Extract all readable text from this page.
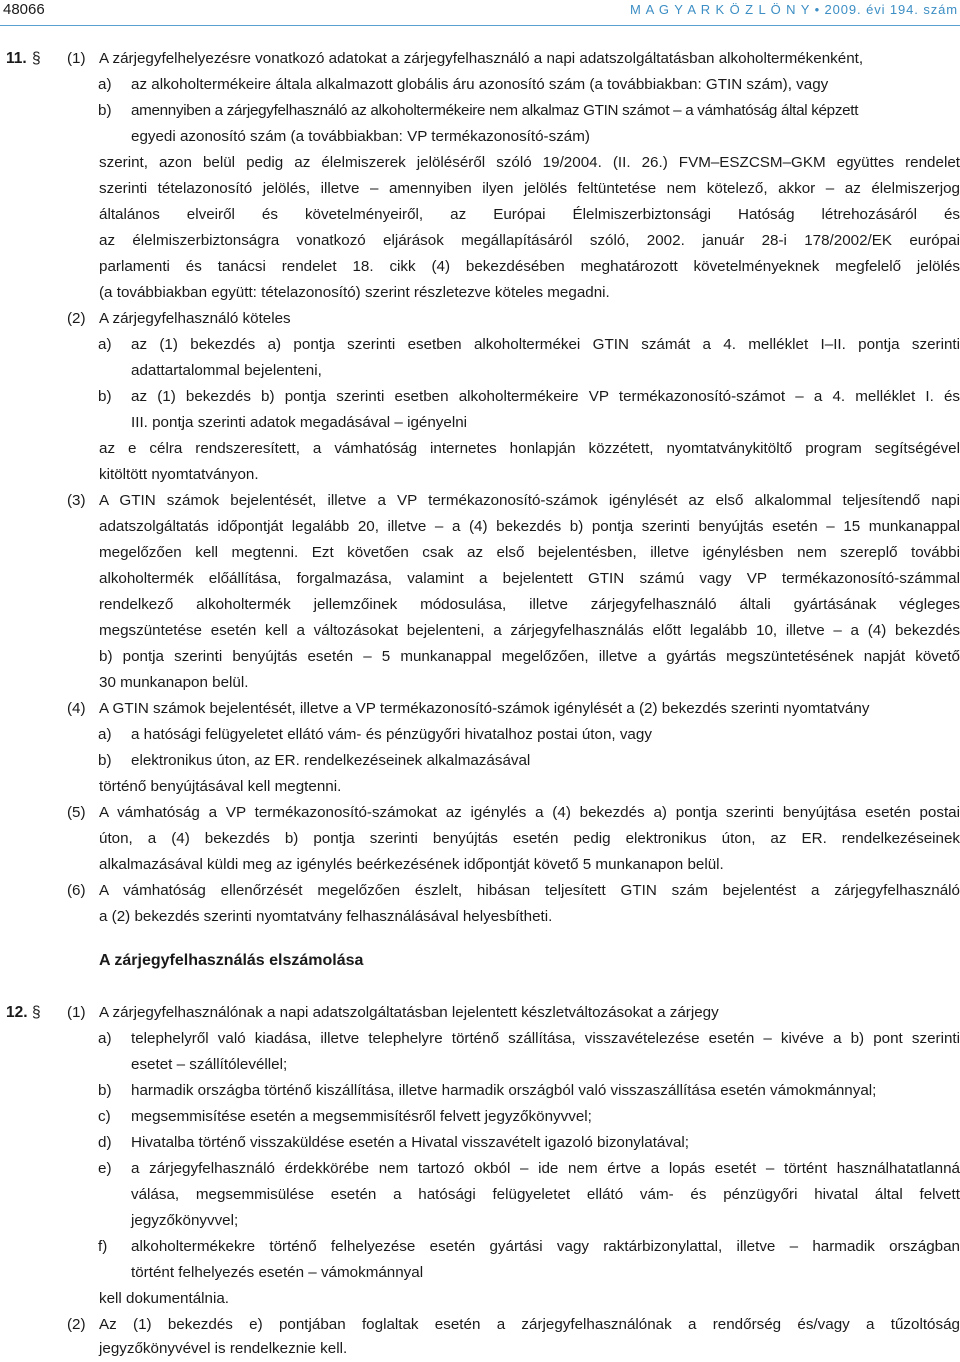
48066	M A G Y A R K Ö Z L Ö N Y • 2009. évi 194. szám
11. § (1) A zárjegyfelhelyezésre vonatkozó adatokat a zárjegyfelhasználó a napi adatszolgáltatásban alkoholtermékenként,
a) az alkoholtermékeire általa alkalmazott globális áru azonosító szám (a továbbiakban: GTIN szám), vagy
b) amennyiben a zárjegyfelhasználó az alkoholtermékeire nem alkalmaz GTIN számot – a vámhatóság által képzett
egyedi azonosító szám (a továbbiakban: VP termékazonosító-szám)
szerint, azon belül pedig az élelmiszerek jelöléséről szóló 19/2004. (II. 26.) FVM–ESZCSM–GKM együttes rendelet
szerinti tételazonosító jelölés, illetve – amennyiben ilyen jelölés feltüntetése nem kötelező, akkor – az élelmiszerjog
általános elveiről és követelményeiről, az Európai Élelmiszerbiztonsági Hatóság létrehozásáról és
az élelmiszerbiztonságra vonatkozó eljárások megállapításáról szóló, 2002. január 28-i 178/2002/EK európai
parlamenti és tanácsi rendelet 18. cikk (4) bekezdésében meghatározott követelményeknek megfelelő jelölés
(a továbbiakban együtt: tételazonosító) szerint részletezve köteles megadni.
(2) A zárjegyfelhasználó köteles
a) az (1) bekezdés a) pontja szerinti esetben alkoholtermékei GTIN számát a 4. melléklet I–II. pontja szerinti
adattartalommal bejelenteni,
b) az (1) bekezdés b) pontja szerinti esetben alkoholtermékeire VP termékazonosító-számot – a 4. melléklet I. és
III. pontja szerinti adatok megadásával – igényelni
az e célra rendszeresített, a vámhatóság internetes honlapján közzétett, nyomtatványkitöltő program segítségével
kitöltött nyomtatványon.
(3) A GTIN számok bejelentését, illetve a VP termékazonosító-számok igénylését az első alkalommal teljesítendő napi
adatszolgáltatás időpontját legalább 20, illetve – a (4) bekezdés b) pontja szerinti benyújtás esetén – 15 munkanappal
megelőzően kell megtenni. Ezt követően csak az első bejelentésben, illetve igénylésben nem szereplő további
alkoholtermék előállítása, forgalmazása, valamint a bejelentett GTIN számú vagy VP termékazonosító-számmal
rendelkező alkoholtermék jellemzőinek módosulása, illetve zárjegyfelhasználó általi gyártásának végleges
megszüntetése esetén kell a változásokat bejelenteni, a zárjegyfelhasználás előtt legalább 10, illetve – a (4) bekezdés
b) pontja szerinti benyújtás esetén – 5 munkanappal megelőzően, illetve a gyártás megszüntetésének napját követő
30 munkanapon belül.
(4) A GTIN számok bejelentését, illetve a VP termékazonosító-számok igénylését a (2) bekezdés szerinti nyomtatvány
a) a hatósági felügyeletet ellátó vám- és pénzügyőri hivatalhoz postai úton, vagy
b) elektronikus úton, az ER. rendelkezéseinek alkalmazásával
történő benyújtásával kell megtenni.
(5) A vámhatóság a VP termékazonosító-számokat az igénylés a (4) bekezdés a) pontja szerinti benyújtása esetén postai
úton, a (4) bekezdés b) pontja szerinti benyújtás esetén pedig elektronikus úton, az ER. rendelkezéseinek
alkalmazásával küldi meg az igénylés beérkezésének időpontját követő 5 munkanapon belül.
(6) A vámhatóság ellenőrzését megelőzően észlelt, hibásan teljesített GTIN szám bejelentést a zárjegyfelhasználó
a (2) bekezdés szerinti nyomtatvány felhasználásával helyesbítheti.
A zárjegyfelhasználás elszámolása
12. § (1) A zárjegyfelhasználónak a napi adatszolgáltatásban lejelentett készletváltozásokat a zárjegy
a) telephelyről való kiadása, illetve telephelyre történő szállítása, visszavételezése esetén – kivéve a b) pont szerinti
esetet – szállítólevéllel;
b) harmadik országba történő kiszállítása, illetve harmadik országból való visszaszállítása esetén vámokmánnyal;
c) megsemmisítése esetén a megsemmisítésről felvett jegyzőkönyvvel;
d) Hivatalba történő visszaküldése esetén a Hivatal visszavételt igazoló bizonylatával;
e) a zárjegyfelhasználó érdekkörébe nem tartozó okból – ide nem értve a lopás esetét – történt használhatatlanná
válása, megsemmisülése esetén a hatósági felügyeletet ellátó vám- és pénzügyőri hivatal által felvett
jegyzőkönyvvel;
f) alkoholtermékekre történő felhelyezése esetén gyártási vagy raktárbizonylattal, illetve – harmadik országban
történt felhelyezés esetén – vámokmánnyal
kell dokumentálnia.
(2) Az (1) bekezdés e) pontjában foglaltak esetén a zárjegyfelhasználónak a rendőrség és/vagy a tűzoltóság
jegyzőkönyvével is rendelkeznie kell.
